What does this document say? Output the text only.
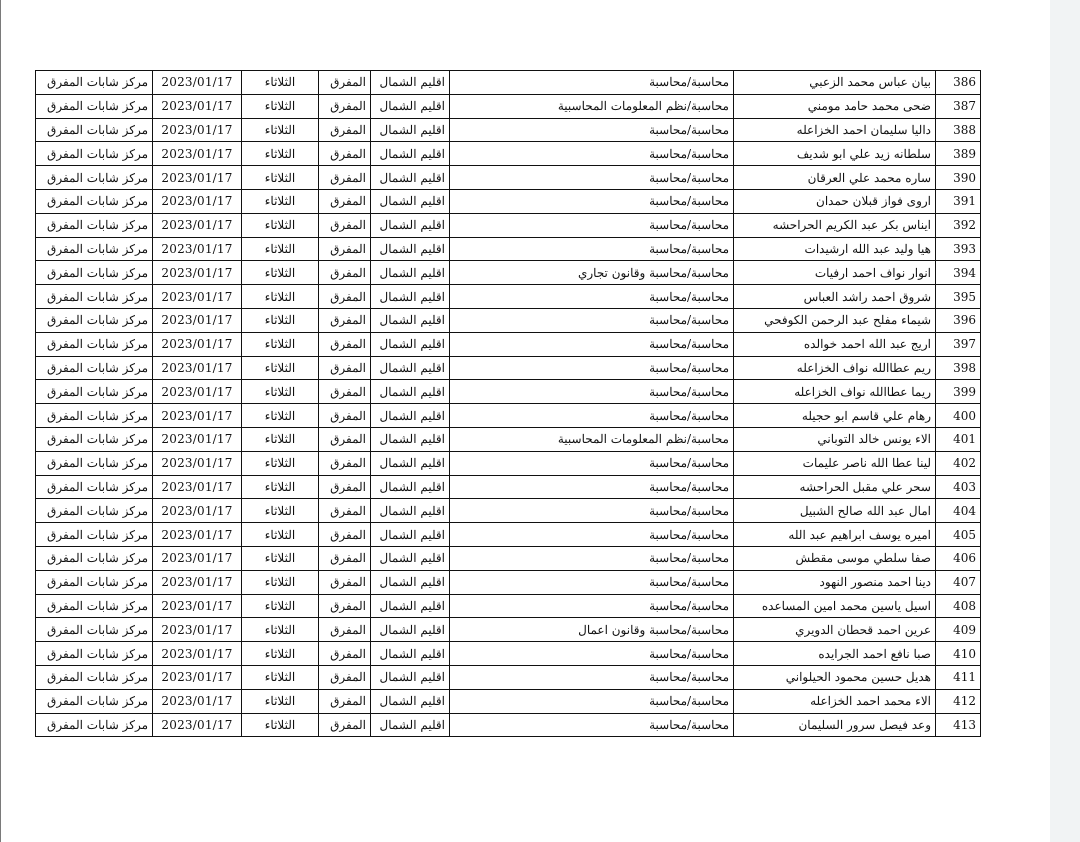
386	بيان عباس محمد الزعبي	محاسبة/محاسبة	اقليم الشمال	المفرق	الثلاثاء	2023/01/17	مركز شابات المفرق
387	ضحى محمد حامد مومني	محاسبة/نظم المعلومات المحاسبية	اقليم الشمال	المفرق	الثلاثاء	2023/01/17	مركز شابات المفرق
388	داليا سليمان احمد الخزاعله	محاسبة/محاسبة	اقليم الشمال	المفرق	الثلاثاء	2023/01/17	مركز شابات المفرق
389	سلطانه زيد علي ابو شديف	محاسبة/محاسبة	اقليم الشمال	المفرق	الثلاثاء	2023/01/17	مركز شابات المفرق
390	ساره محمد علي العرقان	محاسبة/محاسبة	اقليم الشمال	المفرق	الثلاثاء	2023/01/17	مركز شابات المفرق
391	اروى فواز قبلان حمدان	محاسبة/محاسبة	اقليم الشمال	المفرق	الثلاثاء	2023/01/17	مركز شابات المفرق
392	ايناس بكر عبد الكريم الحراحشه	محاسبة/محاسبة	اقليم الشمال	المفرق	الثلاثاء	2023/01/17	مركز شابات المفرق
393	هيا وليد عبد الله ارشيدات	محاسبة/محاسبة	اقليم الشمال	المفرق	الثلاثاء	2023/01/17	مركز شابات المفرق
394	انوار نواف احمد ارفيات	محاسبة/محاسبة وقانون تجاري	اقليم الشمال	المفرق	الثلاثاء	2023/01/17	مركز شابات المفرق
395	شروق احمد راشد العباس	محاسبة/محاسبة	اقليم الشمال	المفرق	الثلاثاء	2023/01/17	مركز شابات المفرق
396	شيماء مفلح عبد الرحمن الكوفحي	محاسبة/محاسبة	اقليم الشمال	المفرق	الثلاثاء	2023/01/17	مركز شابات المفرق
397	اريج عبد الله احمد خوالده	محاسبة/محاسبة	اقليم الشمال	المفرق	الثلاثاء	2023/01/17	مركز شابات المفرق
398	ريم عطاالله نواف الخزاعله	محاسبة/محاسبة	اقليم الشمال	المفرق	الثلاثاء	2023/01/17	مركز شابات المفرق
399	ريما عطاالله نواف الخزاعله	محاسبة/محاسبة	اقليم الشمال	المفرق	الثلاثاء	2023/01/17	مركز شابات المفرق
400	رهام علي قاسم ابو حجيله	محاسبة/محاسبة	اقليم الشمال	المفرق	الثلاثاء	2023/01/17	مركز شابات المفرق
401	الاء يونس خالد التوباني	محاسبة/نظم المعلومات المحاسبية	اقليم الشمال	المفرق	الثلاثاء	2023/01/17	مركز شابات المفرق
402	لينا عطا الله ناصر عليمات	محاسبة/محاسبة	اقليم الشمال	المفرق	الثلاثاء	2023/01/17	مركز شابات المفرق
403	سحر علي مقبل الحراحشه	محاسبة/محاسبة	اقليم الشمال	المفرق	الثلاثاء	2023/01/17	مركز شابات المفرق
404	امال عبد الله صالح الشبيل	محاسبة/محاسبة	اقليم الشمال	المفرق	الثلاثاء	2023/01/17	مركز شابات المفرق
405	اميره يوسف ابراهيم عبد الله	محاسبة/محاسبة	اقليم الشمال	المفرق	الثلاثاء	2023/01/17	مركز شابات المفرق
406	صفا سلطي موسى مقطش	محاسبة/محاسبة	اقليم الشمال	المفرق	الثلاثاء	2023/01/17	مركز شابات المفرق
407	دينا احمد منصور النهود	محاسبة/محاسبة	اقليم الشمال	المفرق	الثلاثاء	2023/01/17	مركز شابات المفرق
408	اسيل ياسين محمد امين المساعده	محاسبة/محاسبة	اقليم الشمال	المفرق	الثلاثاء	2023/01/17	مركز شابات المفرق
409	عرين احمد قحطان الدويري	محاسبة/محاسبة وقانون اعمال	اقليم الشمال	المفرق	الثلاثاء	2023/01/17	مركز شابات المفرق
410	صبا نافع احمد الجرايده	محاسبة/محاسبة	اقليم الشمال	المفرق	الثلاثاء	2023/01/17	مركز شابات المفرق
411	هديل حسين محمود الحيلواني	محاسبة/محاسبة	اقليم الشمال	المفرق	الثلاثاء	2023/01/17	مركز شابات المفرق
412	الاء محمد احمد الخزاعله	محاسبة/محاسبة	اقليم الشمال	المفرق	الثلاثاء	2023/01/17	مركز شابات المفرق
413	وعد فيصل سرور السليمان	محاسبة/محاسبة	اقليم الشمال	المفرق	الثلاثاء	2023/01/17	مركز شابات المفرق
